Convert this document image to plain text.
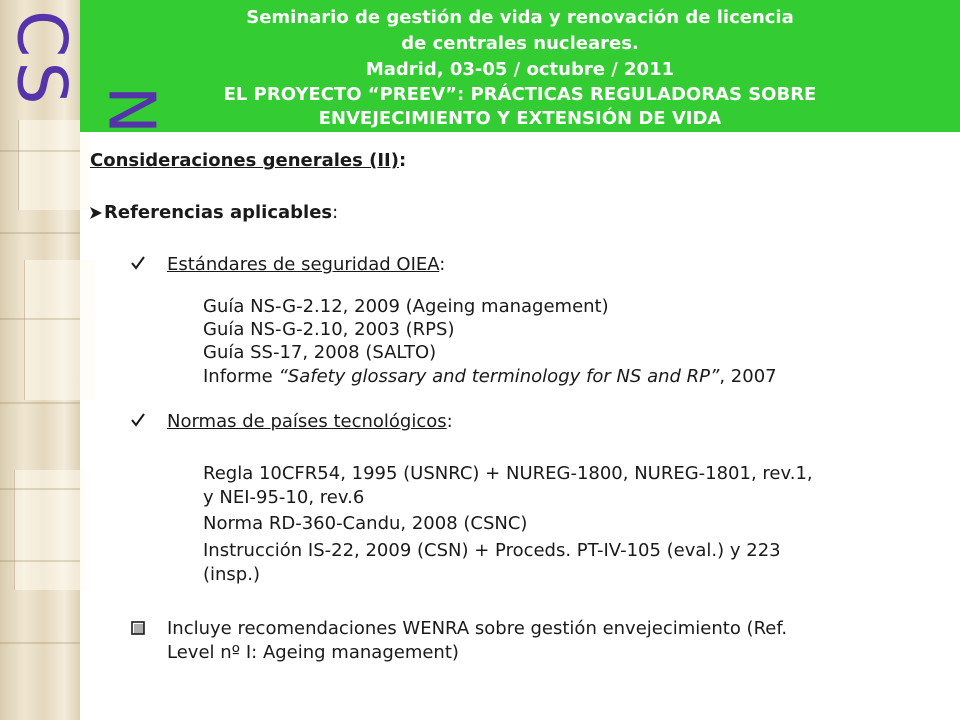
CS
N
Seminario de gestión de vida y renovación de licencia
de centrales nucleares.
Madrid, 03-05 / octubre / 2011
EL PROYECTO “PREEV”: PRÁCTICAS REGULADORAS SOBRE
ENVEJECIMIENTO Y EXTENSIÓN DE VIDA
Consideraciones generales (II):
Referencias aplicables:
Estándares de seguridad OIEA:
Guía NS-G-2.12, 2009 (Ageing management)
Guía NS-G-2.10, 2003 (RPS)
Guía SS-17, 2008 (SALTO)
Informe “Safety glossary and terminology for NS and RP”, 2007
Normas de países tecnológicos:
Regla 10CFR54, 1995 (USNRC) + NUREG-1800, NUREG-1801, rev.1,
y NEI-95-10, rev.6
Norma RD-360-Candu, 2008 (CSNC)
Instrucción IS-22, 2009 (CSN) + Proceds. PT-IV-105 (eval.) y 223
(insp.)
Incluye recomendaciones WENRA sobre gestión envejecimiento (Ref.
Level nº I: Ageing management)
